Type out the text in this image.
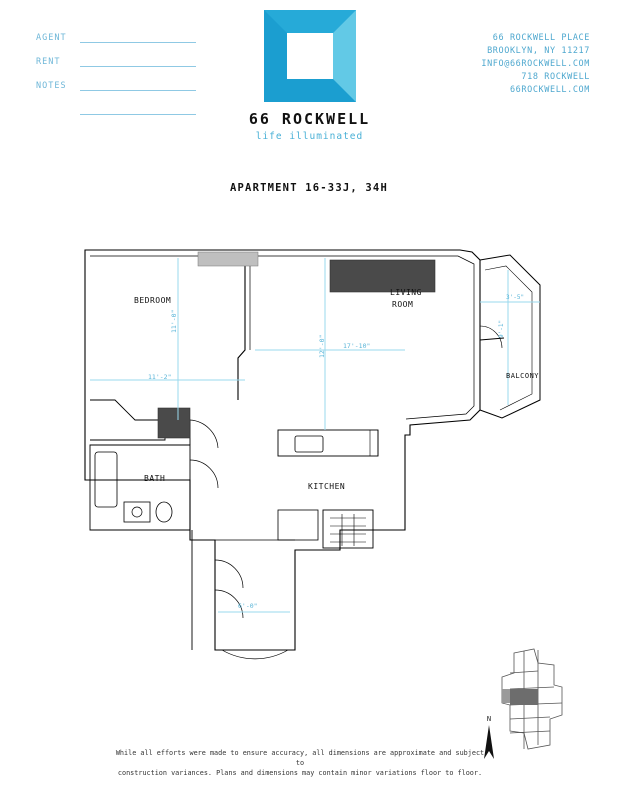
AGENT
RENT
NOTES
66 ROCKWELL
life illuminated
66 ROCKWELL PLACE
BROOKLYN, NY 11217
INFO@66ROCKWELL.COM
718 ROCKWELL
66ROCKWELL.COM
APARTMENT 16-33J, 34H
BEDROOM
LIVING
ROOM
BALCONY
BATH
KITCHEN
11'-0"
11'-2"
17'-10"
12'-0"
3'-5"
9'-1"
6'-0"
N
While all efforts were made to ensure accuracy, all dimensions are approximate and subject to
construction variances. Plans and dimensions may contain minor variations floor to floor.
